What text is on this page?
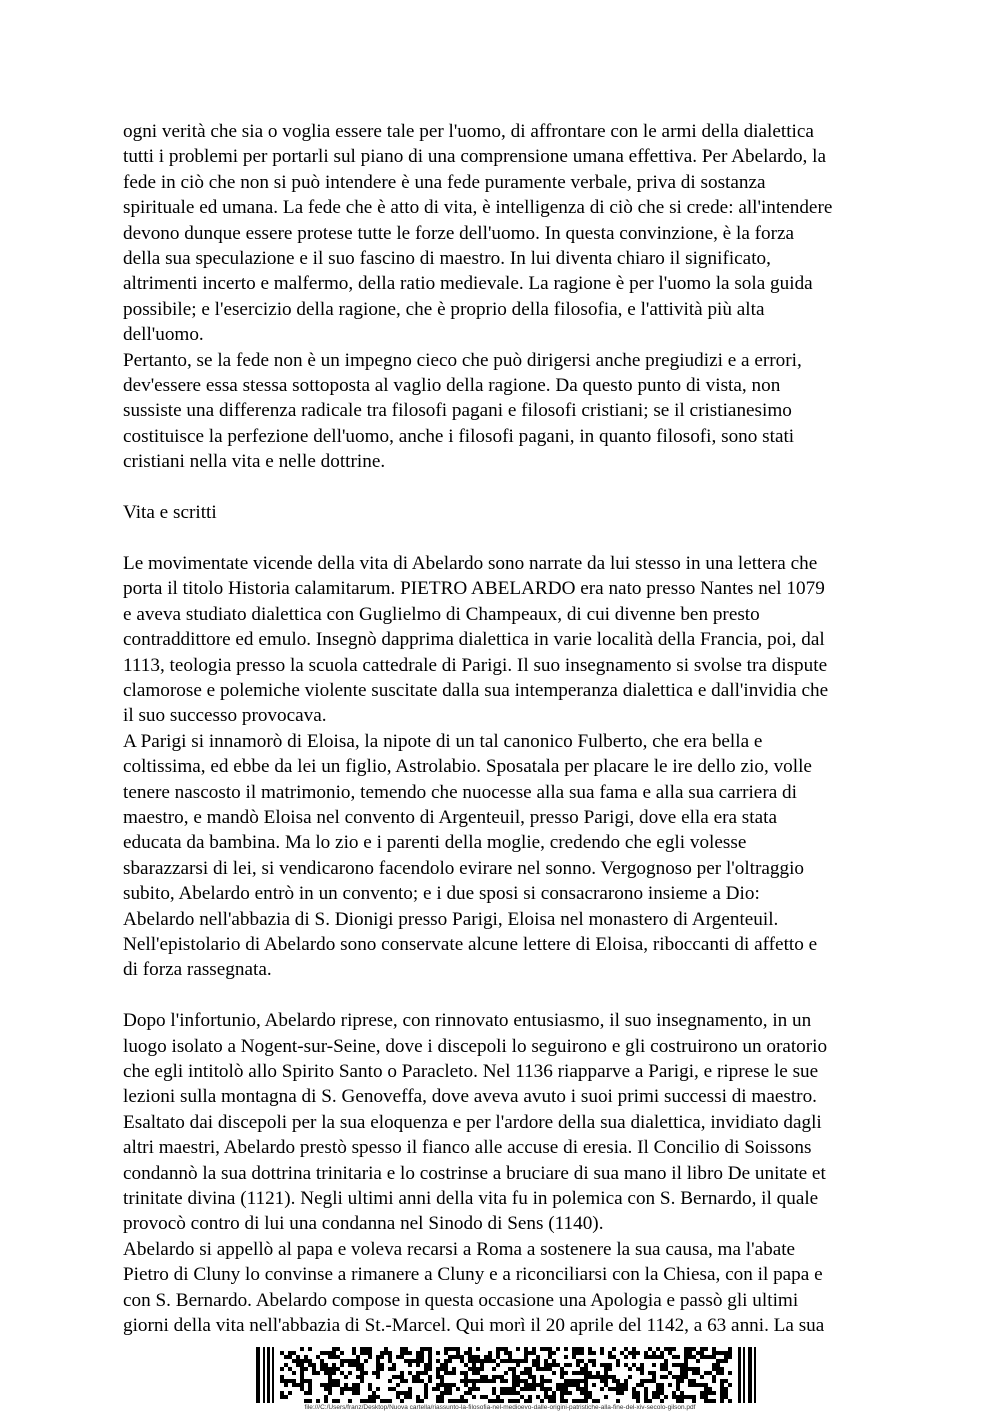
ogni verità che sia o voglia essere tale per l'uomo, di affrontare con le armi della dialettica
tutti i problemi per portarli sul piano di una comprensione umana effettiva. Per Abelardo, la
fede in ciò che non si può intendere è una fede puramente verbale, priva di sostanza
spirituale ed umana. La fede che è atto di vita, è intelligenza di ciò che si crede: all'intendere
devono dunque essere protese tutte le forze dell'uomo. In questa convinzione, è la forza
della sua speculazione e il suo fascino di maestro. In lui diventa chiaro il significato,
altrimenti incerto e malfermo, della ratio medievale. La ragione è per l'uomo la sola guida
possibile; e l'esercizio della ragione, che è proprio della filosofia, e l'attività più alta
dell'uomo.
Pertanto, se la fede non è un impegno cieco che può dirigersi anche pregiudizi e a errori,
dev'essere essa stessa sottoposta al vaglio della ragione. Da questo punto di vista, non
sussiste una differenza radicale tra filosofi pagani e filosofi cristiani; se il cristianesimo
costituisce la perfezione dell'uomo, anche i filosofi pagani, in quanto filosofi, sono stati
cristiani nella vita e nelle dottrine.
Vita e scritti
Le movimentate vicende della vita di Abelardo sono narrate da lui stesso in una lettera che
porta il titolo Historia calamitarum. PIETRO ABELARDO era nato presso Nantes nel 1079
e aveva studiato dialettica con Guglielmo di Champeaux, di cui divenne ben presto
contraddittore ed emulo. Insegnò dapprima dialettica in varie località della Francia, poi, dal
1113, teologia presso la scuola cattedrale di Parigi. Il suo insegnamento si svolse tra dispute
clamorose e polemiche violente suscitate dalla sua intemperanza dialettica e dall'invidia che
il suo successo provocava.
A Parigi si innamorò di Eloisa, la nipote di un tal canonico Fulberto, che era bella e
coltissima, ed ebbe da lei un figlio, Astrolabio. Sposatala per placare le ire dello zio, volle
tenere nascosto il matrimonio, temendo che nuocesse alla sua fama e alla sua carriera di
maestro, e mandò Eloisa nel convento di Argenteuil, presso Parigi, dove ella era stata
educata da bambina. Ma lo zio e i parenti della moglie, credendo che egli volesse
sbarazzarsi di lei, si vendicarono facendolo evirare nel sonno. Vergognoso per l'oltraggio
subito, Abelardo entrò in un convento; e i due sposi si consacrarono insieme a Dio:
Abelardo nell'abbazia di S. Dionigi presso Parigi, Eloisa nel monastero di Argenteuil.
Nell'epistolario di Abelardo sono conservate alcune lettere di Eloisa, riboccanti di affetto e
di forza rassegnata.
Dopo l'infortunio, Abelardo riprese, con rinnovato entusiasmo, il suo insegnamento, in un
luogo isolato a Nogent-sur-Seine, dove i discepoli lo seguirono e gli costruirono un oratorio
che egli intitolò allo Spirito Santo o Paracleto. Nel 1136 riapparve a Parigi, e riprese le sue
lezioni sulla montagna di S. Genoveffa, dove aveva avuto i suoi primi successi di maestro.
Esaltato dai discepoli per la sua eloquenza e per l'ardore della sua dialettica, invidiato dagli
altri maestri, Abelardo prestò spesso il fianco alle accuse di eresia. Il Concilio di Soissons
condannò la sua dottrina trinitaria e lo costrinse a bruciare di sua mano il libro De unitate et
trinitate divina (1121). Negli ultimi anni della vita fu in polemica con S. Bernardo, il quale
provocò contro di lui una condanna nel Sinodo di Sens (1140).
Abelardo si appellò al papa e voleva recarsi a Roma a sostenere la sua causa, ma l'abate
Pietro di Cluny lo convinse a rimanere a Cluny e a riconciliarsi con la Chiesa, con il papa e
con S. Bernardo. Abelardo compose in questa occasione una Apologia e passò gli ultimi
giorni della vita nell'abbazia di St.-Marcel. Qui morì il 20 aprile del 1142, a 63 anni. La sua
file:///C:/Users/franz/Desktop/Nuova cartella/riassunto-la-filosofia-nel-medioevo-dalle-origini-patristiche-alla-fine-del-xiv-secolo-gilson.pdf
